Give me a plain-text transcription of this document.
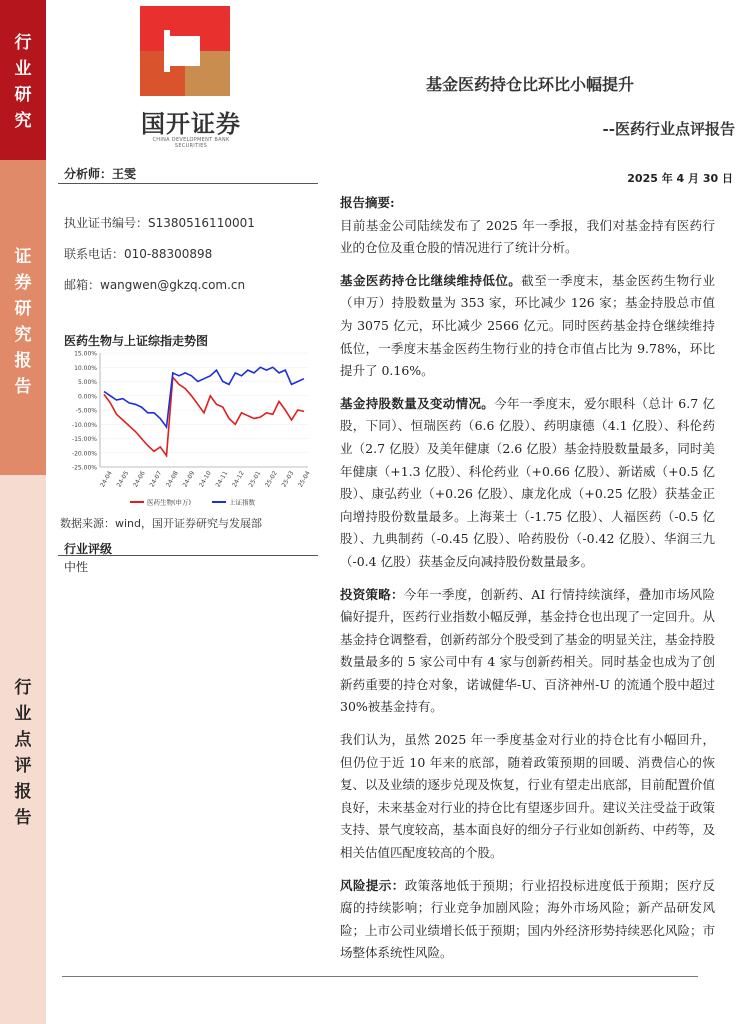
行
业
研
究
证
券
研
究
报
告
行
业
点
评
报
告
国开证券
CHINA DEVELOPMENT BANK SECURITIES
基金医药持仓比环比小幅提升
--医药行业点评报告
分析师：王雯	2025 年 4 月 30 日
执业证书编号：S1380516110001
联系电话：010-88300898
邮箱：wangwen@gkzq.com.cn
医药生物与上证综指走势图
15.00%
10.00%
5.00%
0.00%
-5.00%
-10.00%
-15.00%
-20.00%
-25.00%
24-04 24-05 24-06 24-07 24-08 24-09 24-10 24-11 24-12 25-01 25-02 25-03 25-04
医药生物(申万)	上证指数
数据来源：wind，国开证券研究与发展部
行业评级
中性

报告摘要:

目前基金公司陆续发布了 2025 年一季报，我们对基金持有医药行业的仓位及重仓股的情况进行了统计分析。

基金医药持仓比继续维持低位。截至一季度末，基金医药生物行业（申万）持股数量为 353 家，环比减少 126 家；基金持股总市值为 3075 亿元，环比减少 2566 亿元。同时医药基金持仓继续维持低位，一季度末基金医药生物行业的持仓市值占比为 9.78%，环比提升了 0.16%。

基金持股数量及变动情况。今年一季度末，爱尔眼科（总计 6.7 亿股，下同）、恒瑞医药（6.6 亿股）、药明康德（4.1 亿股）、科伦药业（2.7 亿股）及美年健康（2.6 亿股）基金持股数量最多，同时美年健康（+1.3 亿股）、科伦药业（+0.66 亿股）、新诺威（+0.5 亿股）、康弘药业（+0.26 亿股）、康龙化成（+0.25 亿股）获基金正向增持股份数量最多。上海莱士（-1.75 亿股）、人福医药（-0.5 亿股）、九典制药（-0.45 亿股）、哈药股份（-0.42 亿股）、华润三九（-0.4 亿股）获基金反向减持股份数量最多。

投资策略：今年一季度，创新药、AI 行情持续演绎，叠加市场风险偏好提升，医药行业指数小幅反弹，基金持仓也出现了一定回升。从基金持仓调整看，创新药部分个股受到了基金的明显关注，基金持股数量最多的 5 家公司中有 4 家与创新药相关。同时基金也成为了创新药重要的持仓对象，诺诚健华-U、百济神州-U 的流通个股中超过 30%被基金持有。

我们认为，虽然 2025 年一季度基金对行业的持仓比有小幅回升，但仍位于近 10 年来的底部，随着政策预期的回暖、消费信心的恢复、以及业绩的逐步兑现及恢复，行业有望走出底部，目前配置价值良好，未来基金对行业的持仓比有望逐步回升。建议关注受益于政策支持、景气度较高，基本面良好的细分子行业如创新药、中药等，及相关估值匹配度较高的个股。

风险提示：政策落地低于预期；行业招投标进度低于预期；医疗反腐的持续影响；行业竞争加剧风险；海外市场风险；新产品研发风险；上市公司业绩增长低于预期；国内外经济形势持续恶化风险；市场整体系统性风险。
